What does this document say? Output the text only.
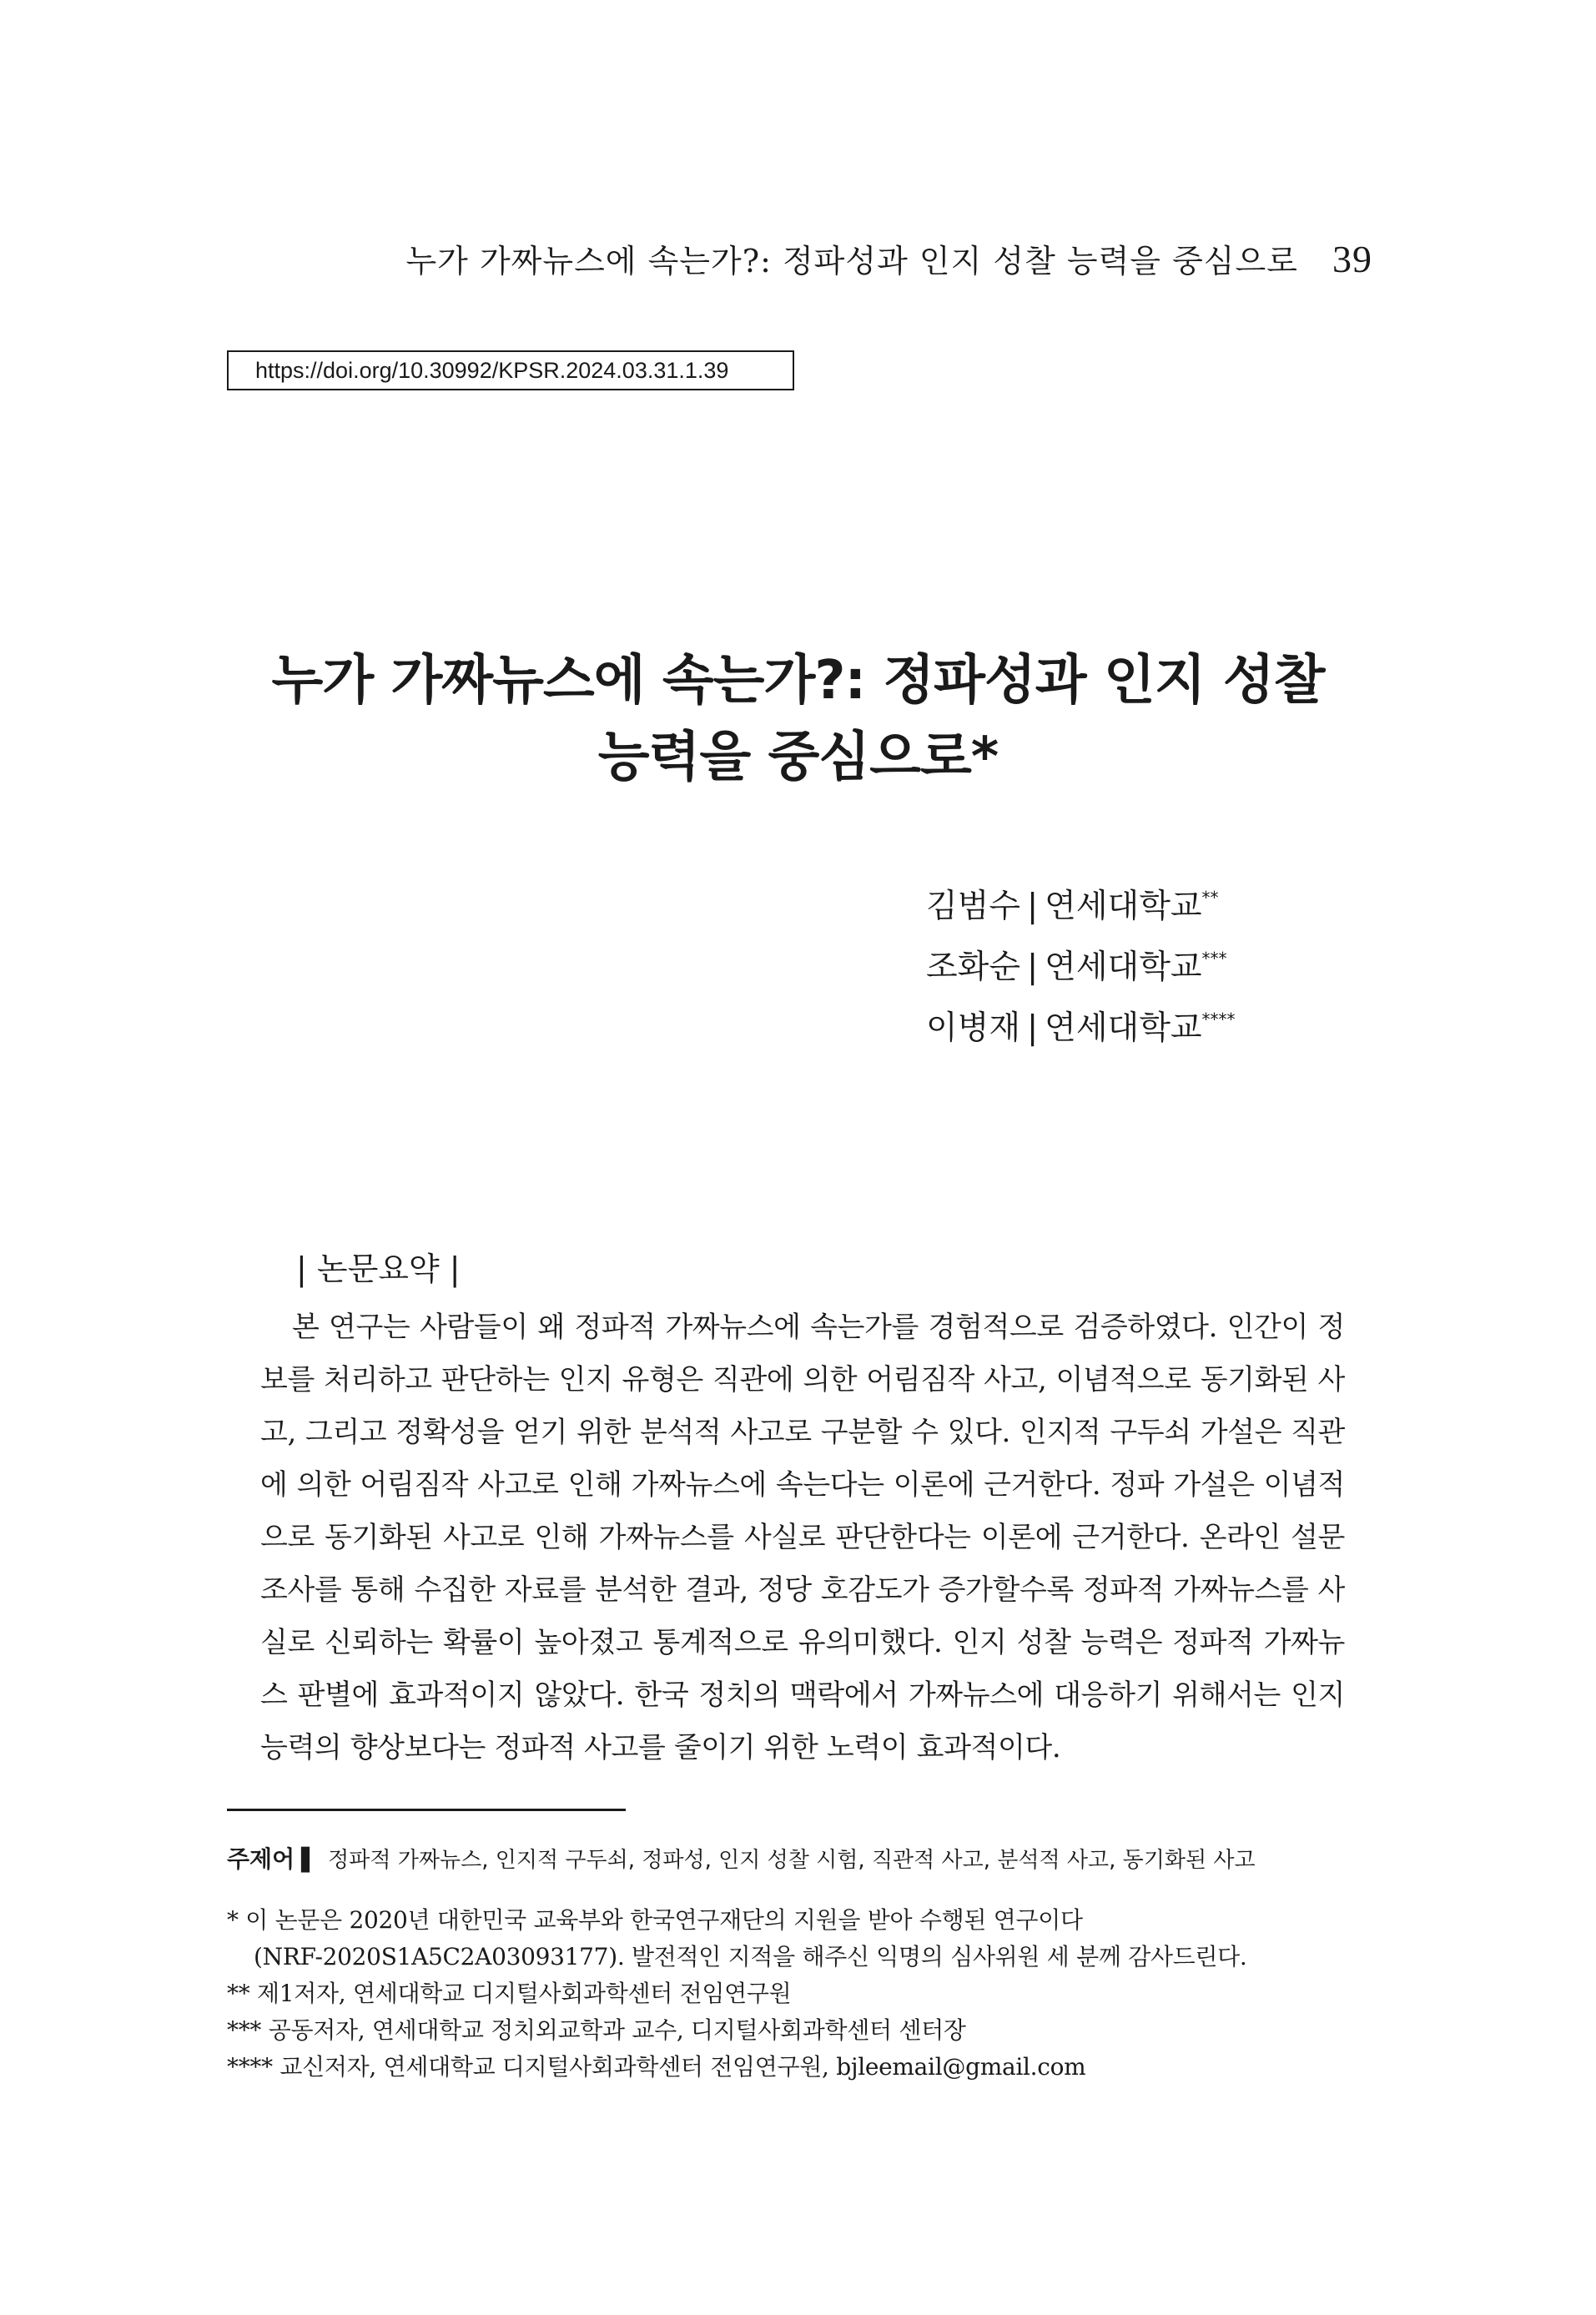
누가 가짜뉴스에 속는가?: 정파성과 인지 성찰 능력을 중심으로 39
https://doi.org/10.30992/KPSR.2024.03.31.1.39
누가 가짜뉴스에 속는가?: 정파성과 인지 성찰
능력을 중심으로*
김범수 | 연세대학교**
조화순 | 연세대학교***
이병재 | 연세대학교****
| 논문요약 |

본 연구는 사람들이 왜 정파적 가짜뉴스에 속는가를 경험적으로 검증하였다. 인간이 정보를 처리하고 판단하는 인지 유형은 직관에 의한 어림짐작 사고, 이념적으로 동기화된 사고, 그리고 정확성을 얻기 위한 분석적 사고로 구분할 수 있다. 인지적 구두쇠 가설은 직관에 의한 어림짐작 사고로 인해 가짜뉴스에 속는다는 이론에 근거한다. 정파 가설은 이념적으로 동기화된 사고로 인해 가짜뉴스를 사실로 판단한다는 이론에 근거한다. 온라인 설문조사를 통해 수집한 자료를 분석한 결과, 정당 호감도가 증가할수록 정파적 가짜뉴스를 사실로 신뢰하는 확률이 높아졌고 통계적으로 유의미했다. 인지 성찰 능력은 정파적 가짜뉴스 판별에 효과적이지 않았다. 한국 정치의 맥락에서 가짜뉴스에 대응하기 위해서는 인지능력의 향상보다는 정파적 사고를 줄이기 위한 노력이 효과적이다.

주제어 ▌ 정파적 가짜뉴스, 인지적 구두쇠, 정파성, 인지 성찰 시험, 직관적 사고, 분석적 사고, 동기화된 사고
* 이 논문은 2020년 대한민국 교육부와 한국연구재단의 지원을 받아 수행된 연구이다
(NRF-2020S1A5C2A03093177). 발전적인 지적을 해주신 익명의 심사위원 세 분께 감사드린다.
** 제1저자, 연세대학교 디지털사회과학센터 전임연구원
*** 공동저자, 연세대학교 정치외교학과 교수, 디지털사회과학센터 센터장
**** 교신저자, 연세대학교 디지털사회과학센터 전임연구원, bjleemail@gmail.com
